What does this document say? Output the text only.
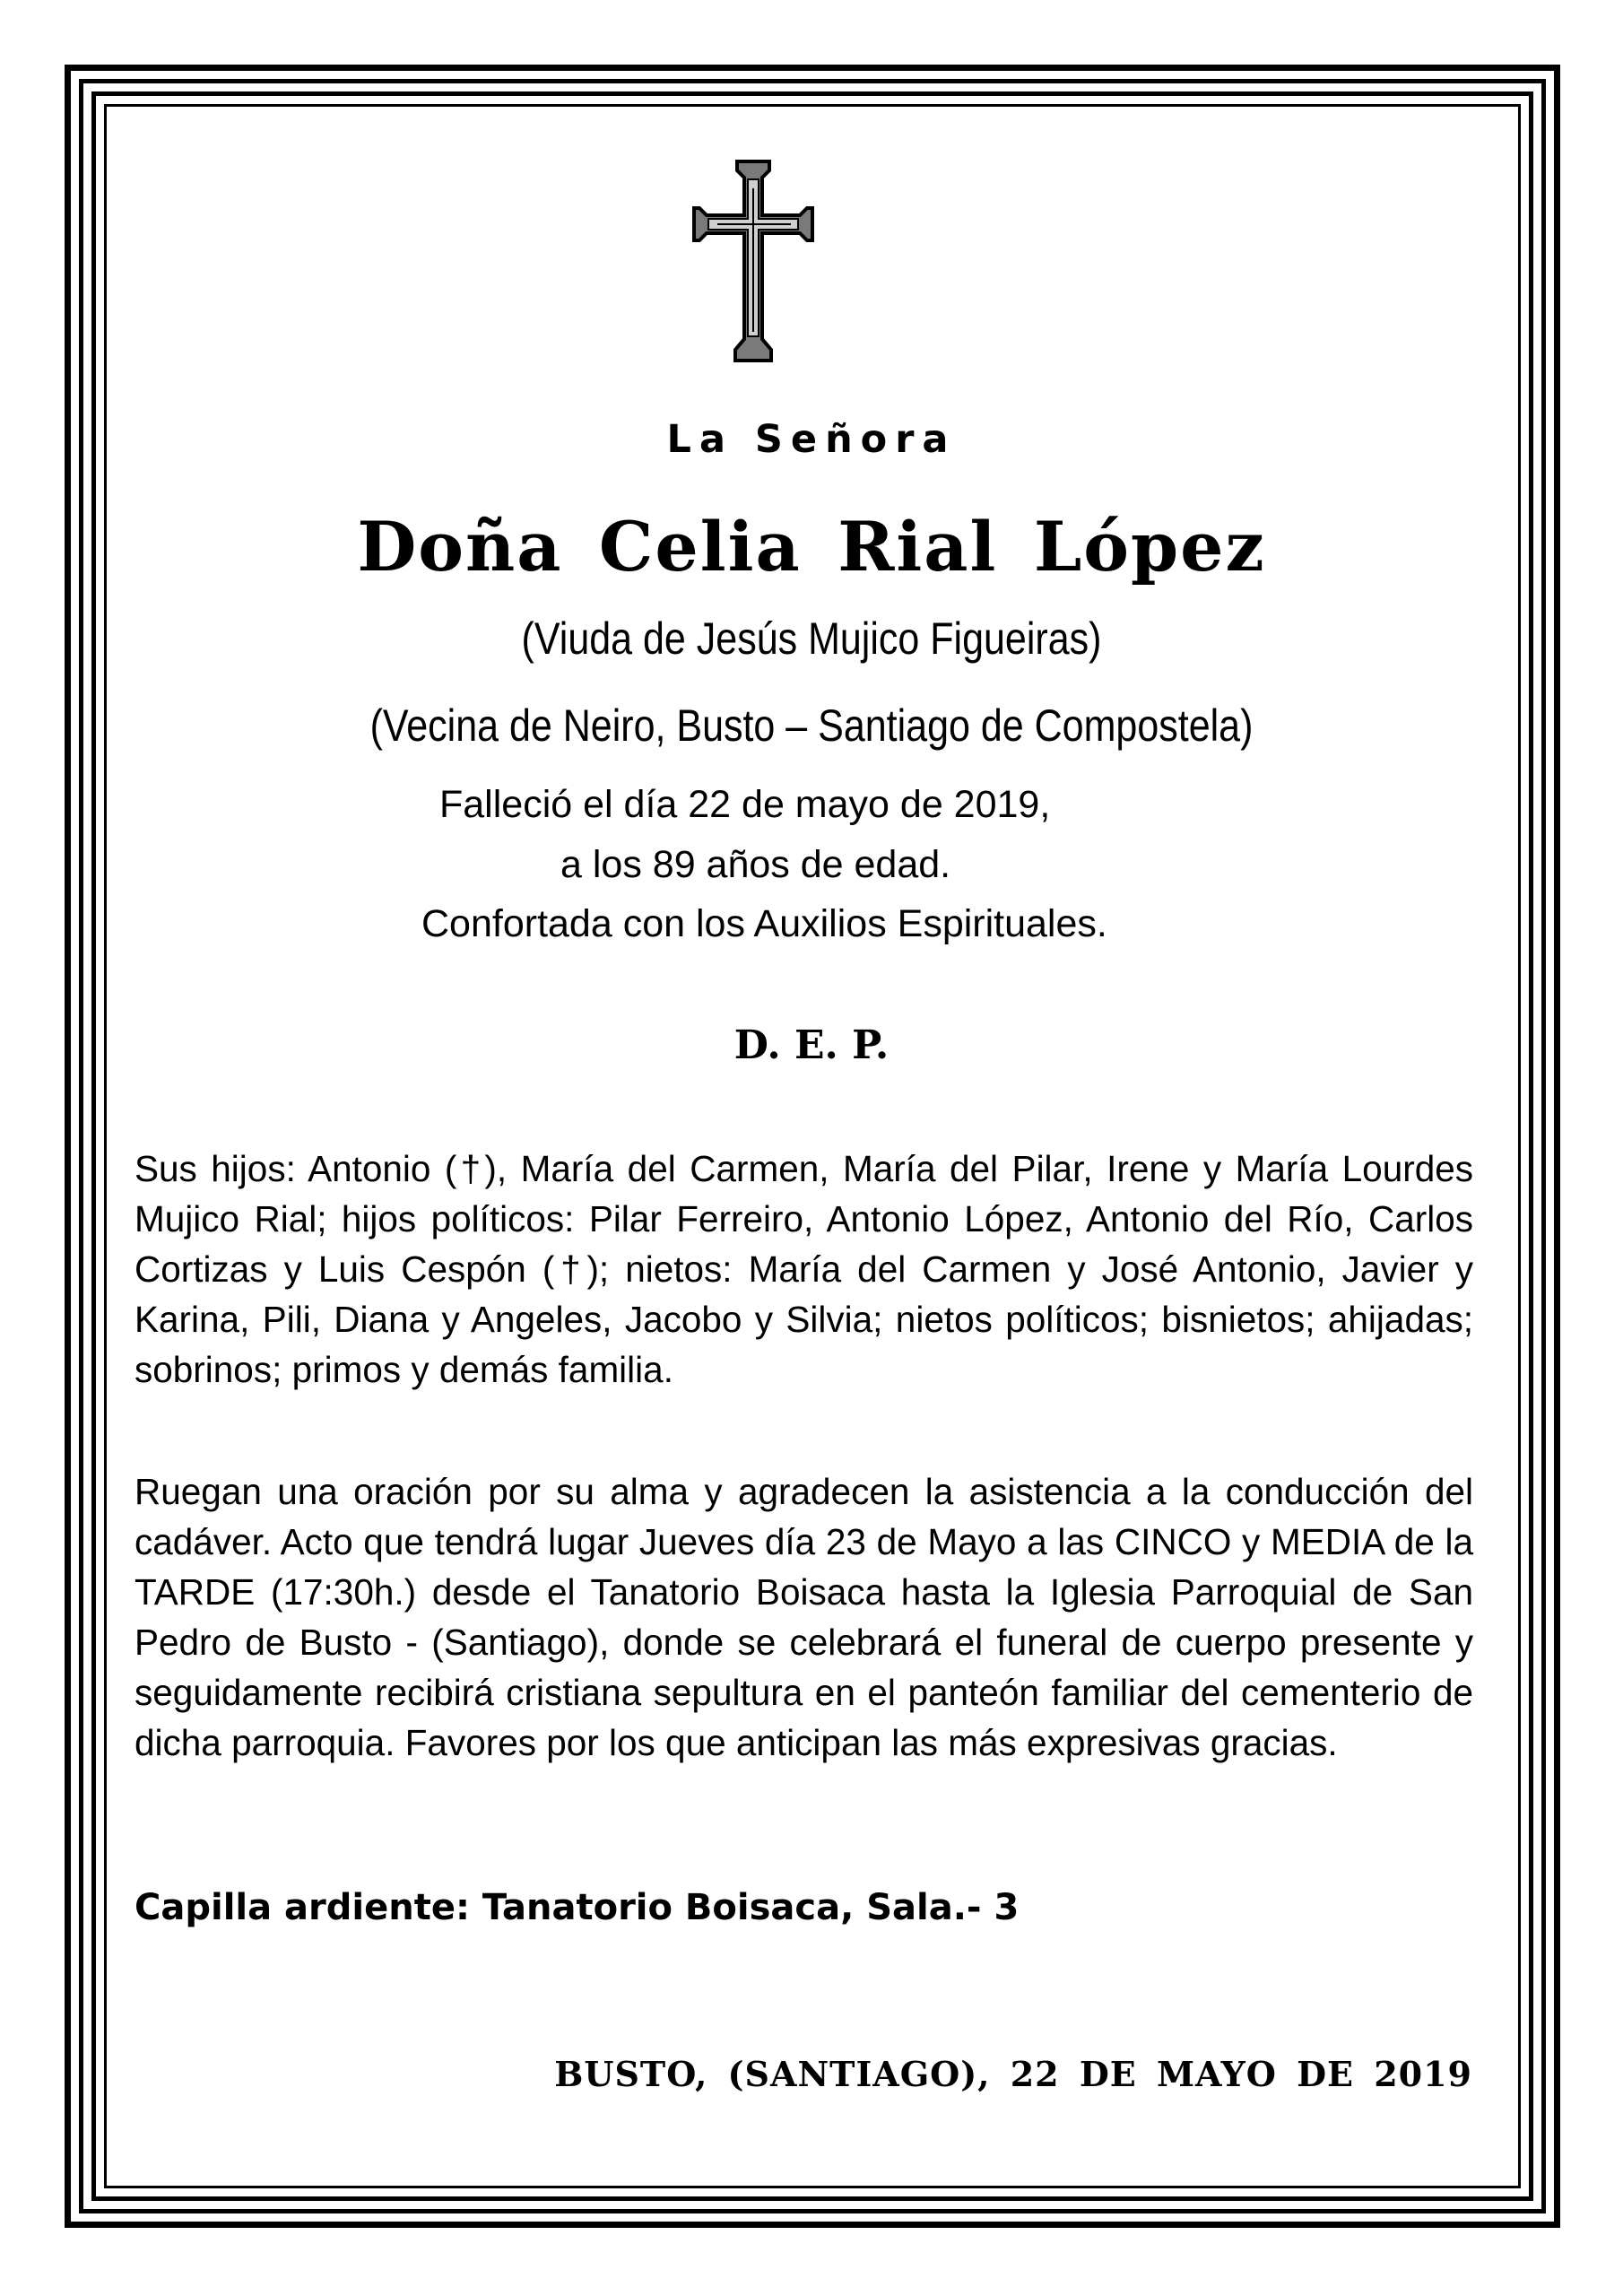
La Señora
Doña Celia Rial López
(Viuda de Jesús Mujico Figueiras)
(Vecina de Neiro, Busto – Santiago de Compostela)
Falleció el día 22 de mayo de 2019,
a los 89 años de edad.
Confortada con los Auxilios Espirituales.
D. E. P.
Sus hijos: Antonio (†), María del Carmen, María del Pilar, Irene y María Lourdes Mujico Rial; hijos políticos: Pilar Ferreiro, Antonio López, Antonio del Río, Carlos Cortizas y Luis Cespón (†); nietos: María del Carmen y José Antonio, Javier y Karina, Pili, Diana y Angeles, Jacobo y Silvia; nietos políticos; bisnietos; ahijadas; sobrinos; primos y demás familia.
Ruegan una oración por su alma y agradecen la asistencia a la conducción del cadáver. Acto que tendrá lugar Jueves día 23 de Mayo a las CINCO y MEDIA de la TARDE (17:30h.) desde el Tanatorio Boisaca hasta la Iglesia Parroquial de San Pedro de Busto - (Santiago), donde se celebrará el funeral de cuerpo presente y seguidamente recibirá cristiana sepultura en el panteón familiar del cementerio de dicha parroquia. Favores por los que anticipan las más expresivas gracias.
Capilla ardiente: Tanatorio Boisaca, Sala.- 3
BUSTO, (SANTIAGO), 22 DE MAYO DE 2019
